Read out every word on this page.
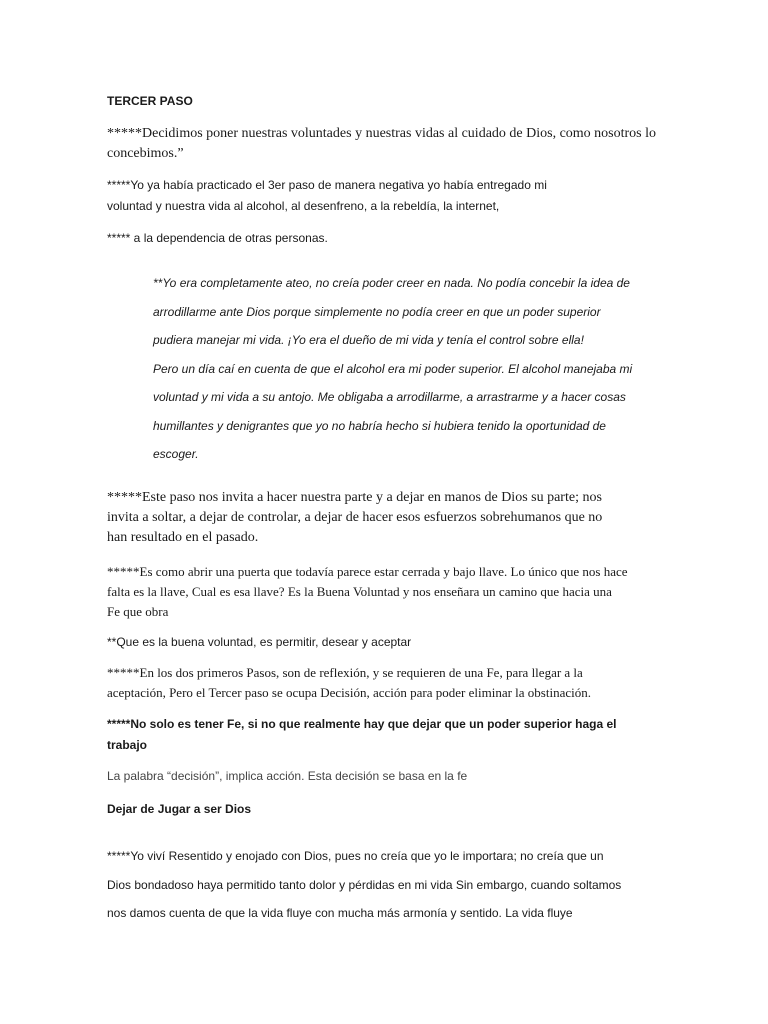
TERCER PASO
*****Decidimos poner nuestras voluntades y nuestras vidas al cuidado de Dios, como nosotros lo
concebimos.”
*****Yo ya había practicado el 3er paso de manera negativa yo había entregado mi
voluntad y nuestra vida al alcohol, al desenfreno, a la rebeldía, la internet,
***** a la dependencia de otras personas.
**Yo era completamente ateo, no creía poder creer en nada. No podía concebir la idea de
arrodillarme ante Dios porque simplemente no podía creer en que un poder superior
pudiera manejar mi vida. ¡Yo era el dueño de mi vida y tenía el control sobre ella!
Pero un día caí en cuenta de que el alcohol era mi poder superior. El alcohol manejaba mi
voluntad y mi vida a su antojo. Me obligaba a arrodillarme, a arrastrarme y a hacer cosas
humillantes y denigrantes que yo no habría hecho si hubiera tenido la oportunidad de
escoger.
*****Este paso nos invita a hacer nuestra parte y a dejar en manos de Dios su parte; nos
invita a soltar, a dejar de controlar, a dejar de hacer esos esfuerzos sobrehumanos que no
han resultado en el pasado.
*****Es como abrir una puerta que todavía parece estar cerrada y bajo llave. Lo único que nos hace
falta es la llave, Cual es esa llave? Es la Buena Voluntad y nos enseñara un camino que hacia una
Fe que obra
**Que es la buena voluntad, es permitir, desear y aceptar
*****En los dos primeros Pasos, son de reflexión, y se requieren de una Fe, para llegar a la
aceptación, Pero el Tercer paso se ocupa Decisión, acción para poder eliminar la obstinación.
*****No solo es tener Fe, si no que realmente hay que dejar que un poder superior haga el
trabajo
La palabra “decisión”, implica acción. Esta decisión se basa en la fe
Dejar de Jugar a ser Dios
*****Yo viví Resentido y enojado con Dios, pues no creía que yo le importara; no creía que un
Dios bondadoso haya permitido tanto dolor y pérdidas en mi vida Sin embargo, cuando soltamos
nos damos cuenta de que la vida fluye con mucha más armonía y sentido. La vida fluye
